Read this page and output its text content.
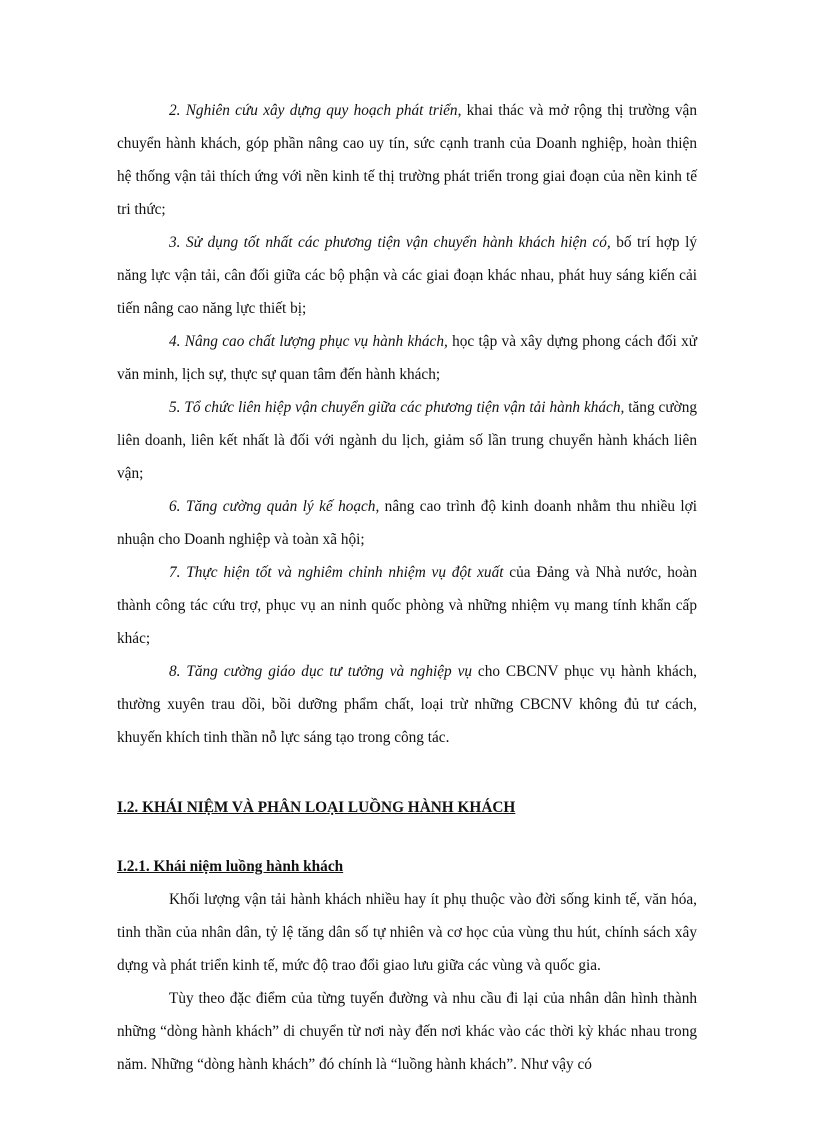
2. Nghiên cứu xây dựng quy hoạch phát triển, khai thác và mở rộng thị trường vận chuyển hành khách, góp phần nâng cao uy tín, sức cạnh tranh của Doanh nghiệp, hoàn thiện hệ thống vận tải thích ứng với nền kinh tế thị trường phát triển trong giai đoạn của nền kinh tế tri thức;

3. Sử dụng tốt nhất các phương tiện vận chuyển hành khách hiện có, bố trí hợp lý năng lực vận tải, cân đối giữa các bộ phận và các giai đoạn khác nhau, phát huy sáng kiến cải tiến nâng cao năng lực thiết bị;

4. Nâng cao chất lượng phục vụ hành khách, học tập và xây dựng phong cách đối xử văn minh, lịch sự, thực sự quan tâm đến hành khách;

5. Tổ chức liên hiệp vận chuyển giữa các phương tiện vận tải hành khách, tăng cường liên doanh, liên kết nhất là đối với ngành du lịch, giảm số lần trung chuyển hành khách liên vận;

6. Tăng cường quản lý kế hoạch, nâng cao trình độ kinh doanh nhằm thu nhiều lợi nhuận cho Doanh nghiệp và toàn xã hội;

7. Thực hiện tốt và nghiêm chỉnh nhiệm vụ đột xuất của Đảng và Nhà nước, hoàn thành công tác cứu trợ, phục vụ an ninh quốc phòng và những nhiệm vụ mang tính khẩn cấp khác;

8. Tăng cường giáo dục tư tưởng và nghiệp vụ cho CBCNV phục vụ hành khách, thường xuyên trau dồi, bồi dưỡng phẩm chất, loại trừ những CBCNV không đủ tư cách, khuyến khích tinh thần nỗ lực sáng tạo trong công tác.

I.2. KHÁI NIỆM VÀ PHÂN LOẠI LUỒNG HÀNH KHÁCH
I.2.1. Khái niệm luồng hành khách

Khối lượng vận tải hành khách nhiều hay ít phụ thuộc vào đời sống kinh tế, văn hóa, tinh thần của nhân dân, tỷ lệ tăng dân số tự nhiên và cơ học của vùng thu hút, chính sách xây dựng và phát triển kinh tế, mức độ trao đổi giao lưu giữa các vùng và quốc gia.

Tùy theo đặc điểm của từng tuyến đường và nhu cầu đi lại của nhân dân hình thành những “dòng hành khách” di chuyển từ nơi này đến nơi khác vào các thời kỳ khác nhau trong năm. Những “dòng hành khách” đó chính là “luồng hành khách”. Như vậy có
